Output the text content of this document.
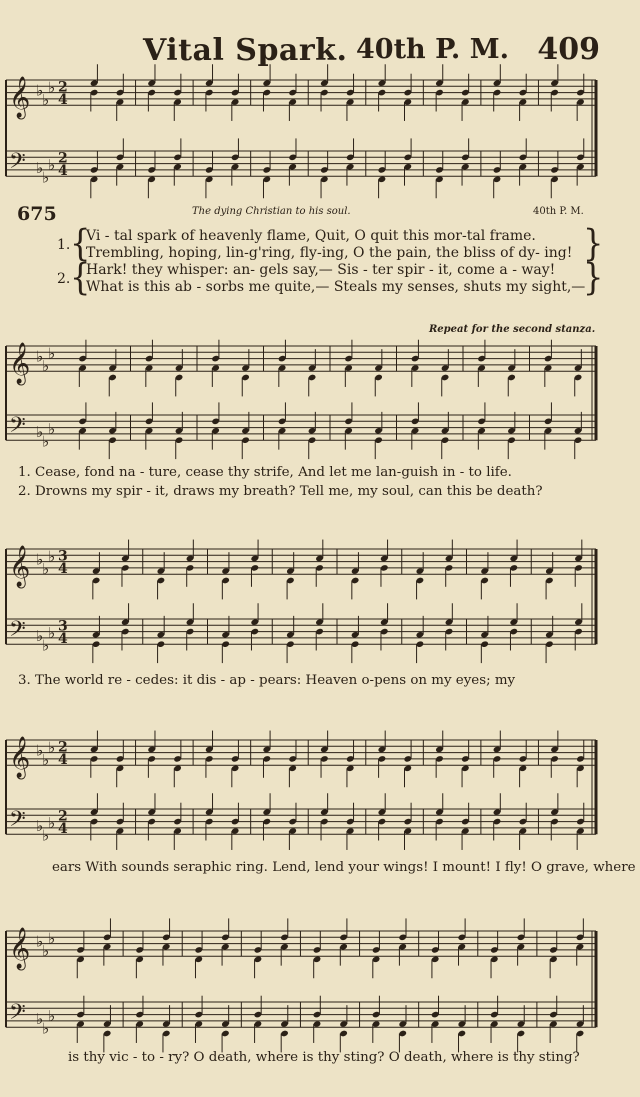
𝄞 ♭
♭
♭ 2
4
𝄢 ♭
♭
♭ 2
4
𝄞 ♭
♭
♭
𝄢 ♭
♭
♭
𝄞 ♭
♭
♭ 3
4
𝄢 ♭
♭
♭ 3
4
𝄞 ♭
♭
♭ 2
4
𝄢 ♭
♭
♭ 2
4
𝄞 ♭
♭
♭
𝄢 ♭
♭
♭
Vital Spark. 40th P. M. 409
675	The dying Christian to his soul.	40th P. M.
1. {
Vi - tal spark of heavenly flame, Quit, O quit this mor-tal frame.
Trembling, hoping, lin-g'ring, fly-ing, O the pain, the bliss of dy- ing! }
2. {
Hark! they whisper: an- gels say,— Sis - ter spir - it, come a - way!
What is this ab - sorbs me quite,— Steals my senses, shuts my sight,—
}
Repeat for the second stanza.
1. Cease, fond na - ture, cease thy strife, And let me lan-guish in - to life.
2. Drowns my spir - it, draws my breath? Tell me, my soul, can this be death?
3. The world re - cedes: it dis - ap - pears: Heaven o-pens on my eyes; my
ears With sounds seraphic ring. Lend, lend your wings! I mount! I fly! O grave, where
is thy vic - to - ry? O death, where is thy sting? O death, where is thy sting?
